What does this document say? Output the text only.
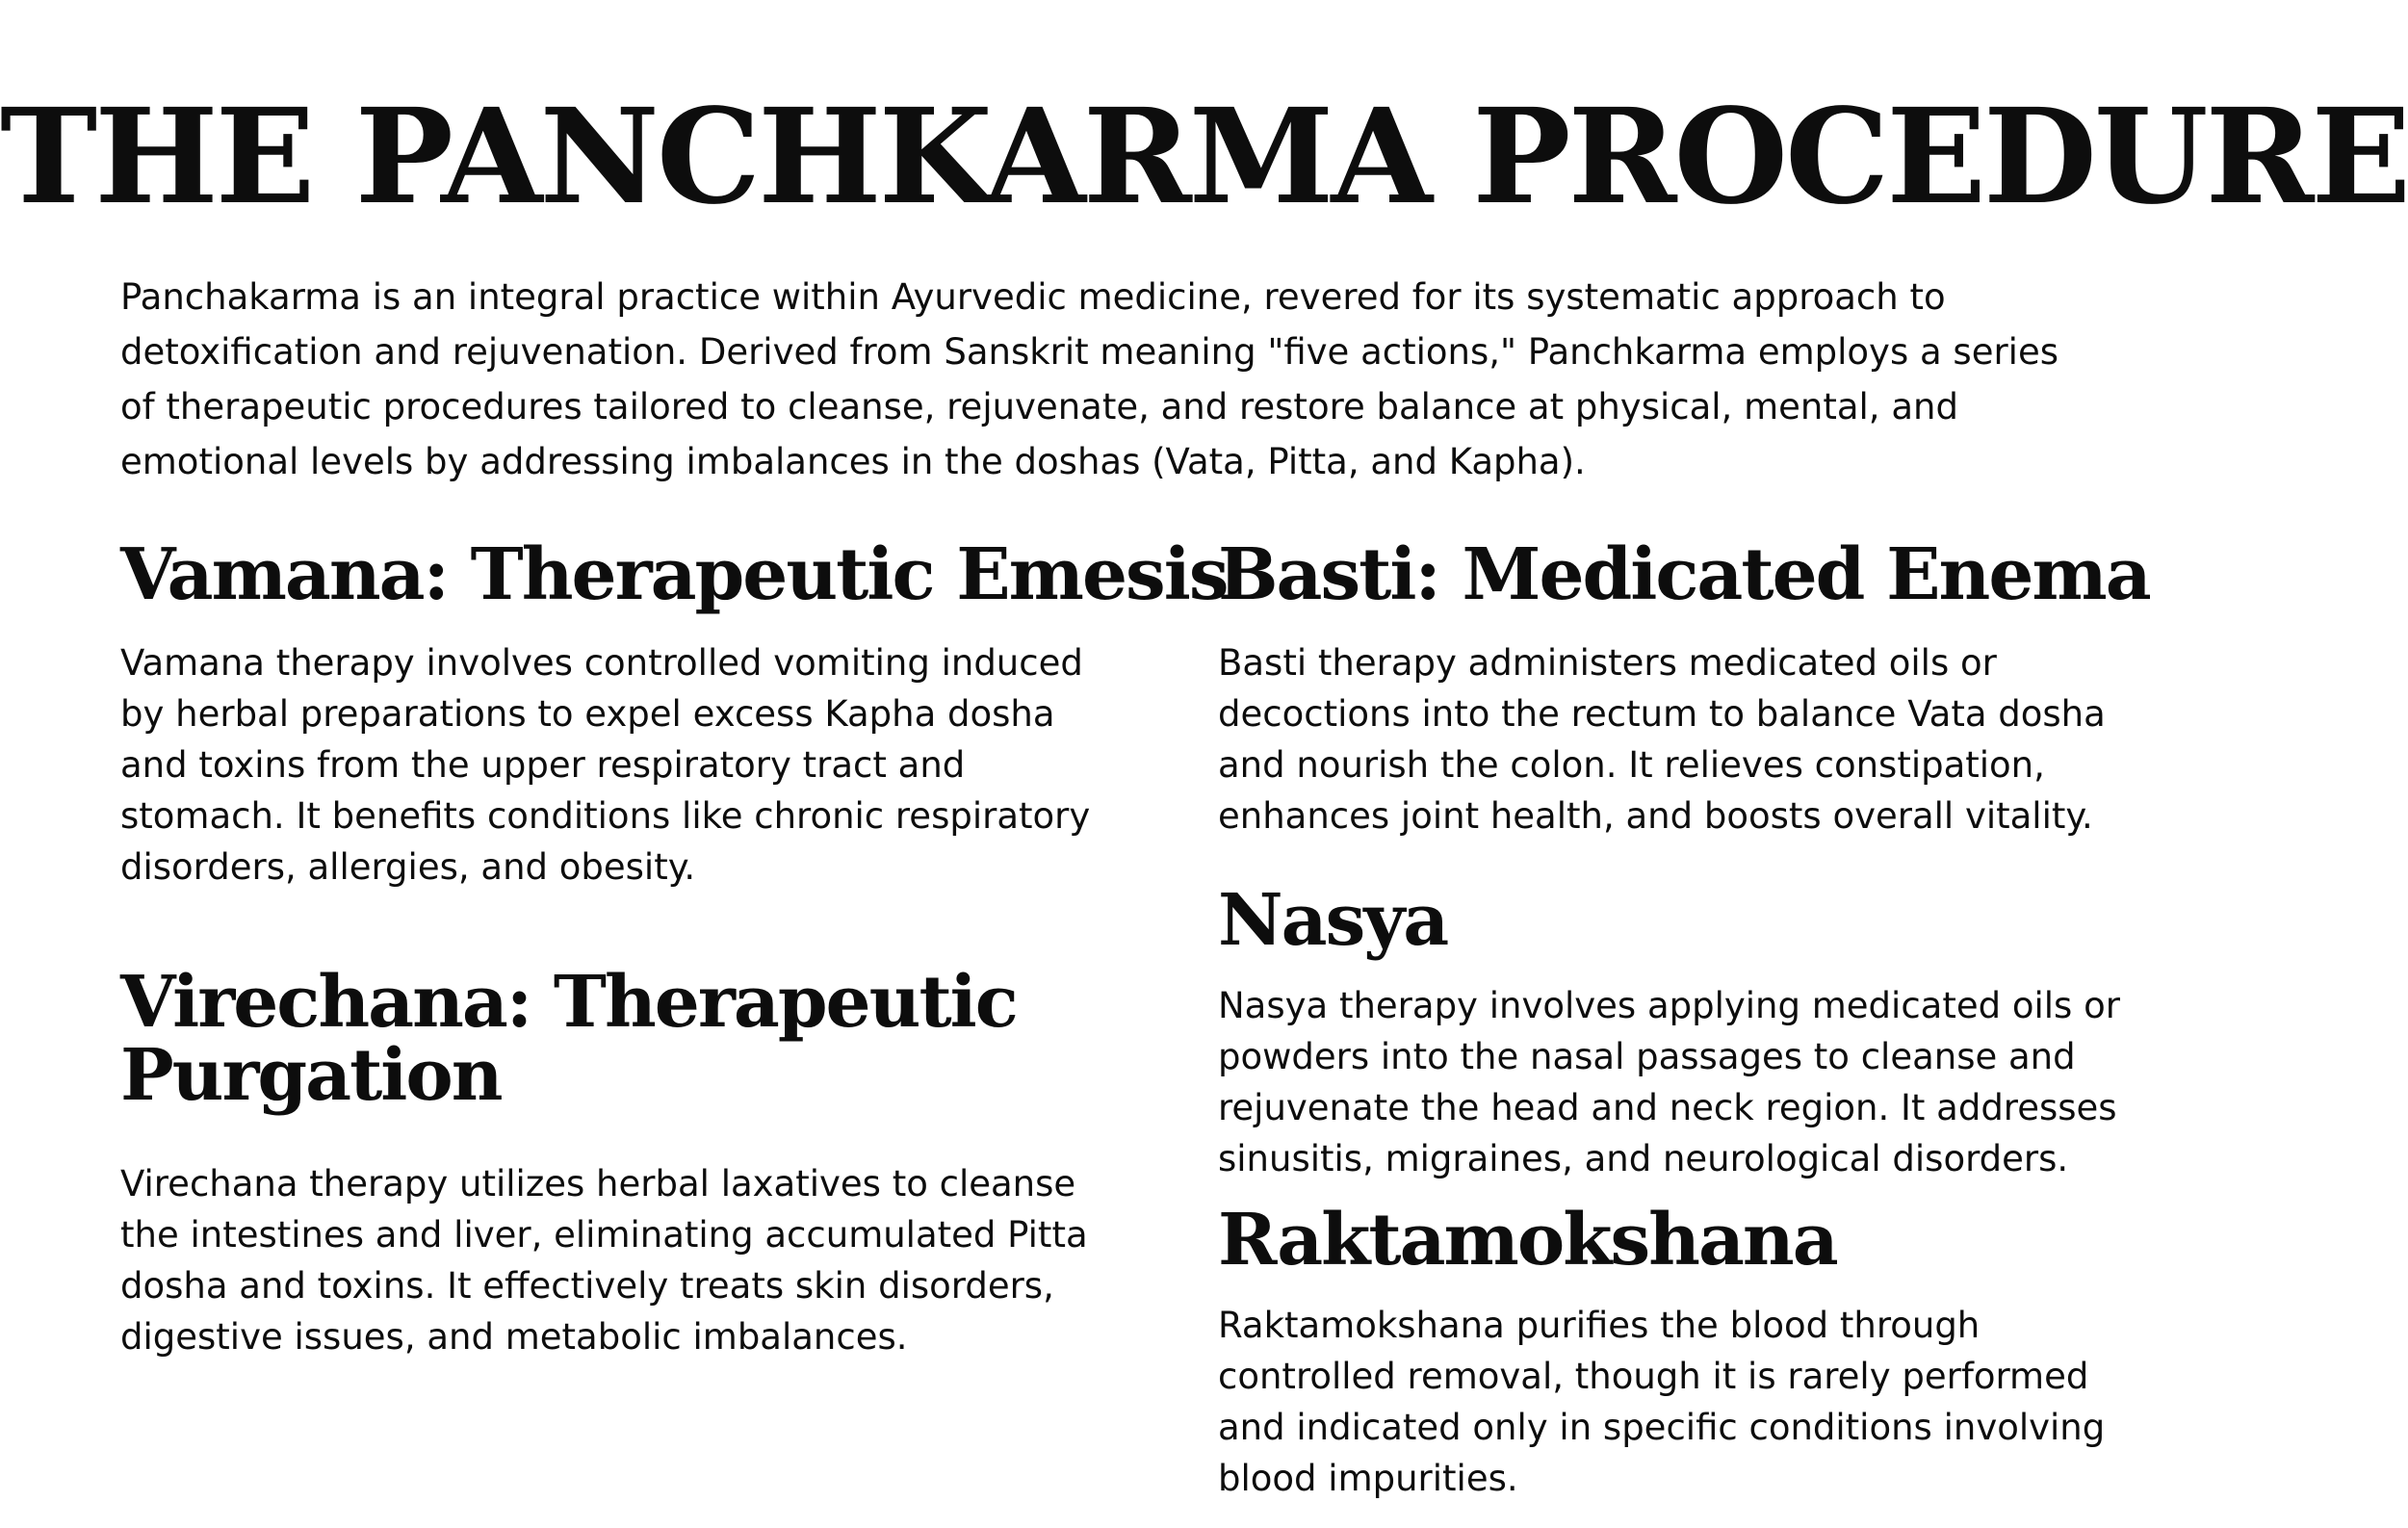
THE PANCHKARMA PROCEDURE

Panchakarma is an integral practice within Ayurvedic medicine, revered for its systematic approach to detoxification and rejuvenation. Derived from Sanskrit meaning "five actions," Panchkarma employs a series of therapeutic procedures tailored to cleanse, rejuvenate, and restore balance at physical, mental, and emotional levels by addressing imbalances in the doshas (Vata, Pitta, and Kapha).

Vamana: Therapeutic Emesis

Vamana therapy involves controlled vomiting induced by herbal preparations to expel excess Kapha dosha and toxins from the upper respiratory tract and stomach. It benefits conditions like chronic respiratory disorders, allergies, and obesity.

Virechana: Therapeutic
Purgation

Virechana therapy utilizes herbal laxatives to cleanse the intestines and liver, eliminating accumulated Pitta dosha and toxins. It effectively treats skin disorders, digestive issues, and metabolic imbalances.

Basti: Medicated Enema

Basti therapy administers medicated oils or decoctions into the rectum to balance Vata dosha and nourish the colon. It relieves constipation, enhances joint health, and boosts overall vitality.

Nasya

Nasya therapy involves applying medicated oils or powders into the nasal passages to cleanse and rejuvenate the head and neck region. It addresses sinusitis, migraines, and neurological disorders.

Raktamokshana

Raktamokshana purifies the blood through controlled removal, though it is rarely performed and indicated only in specific conditions involving blood impurities.
